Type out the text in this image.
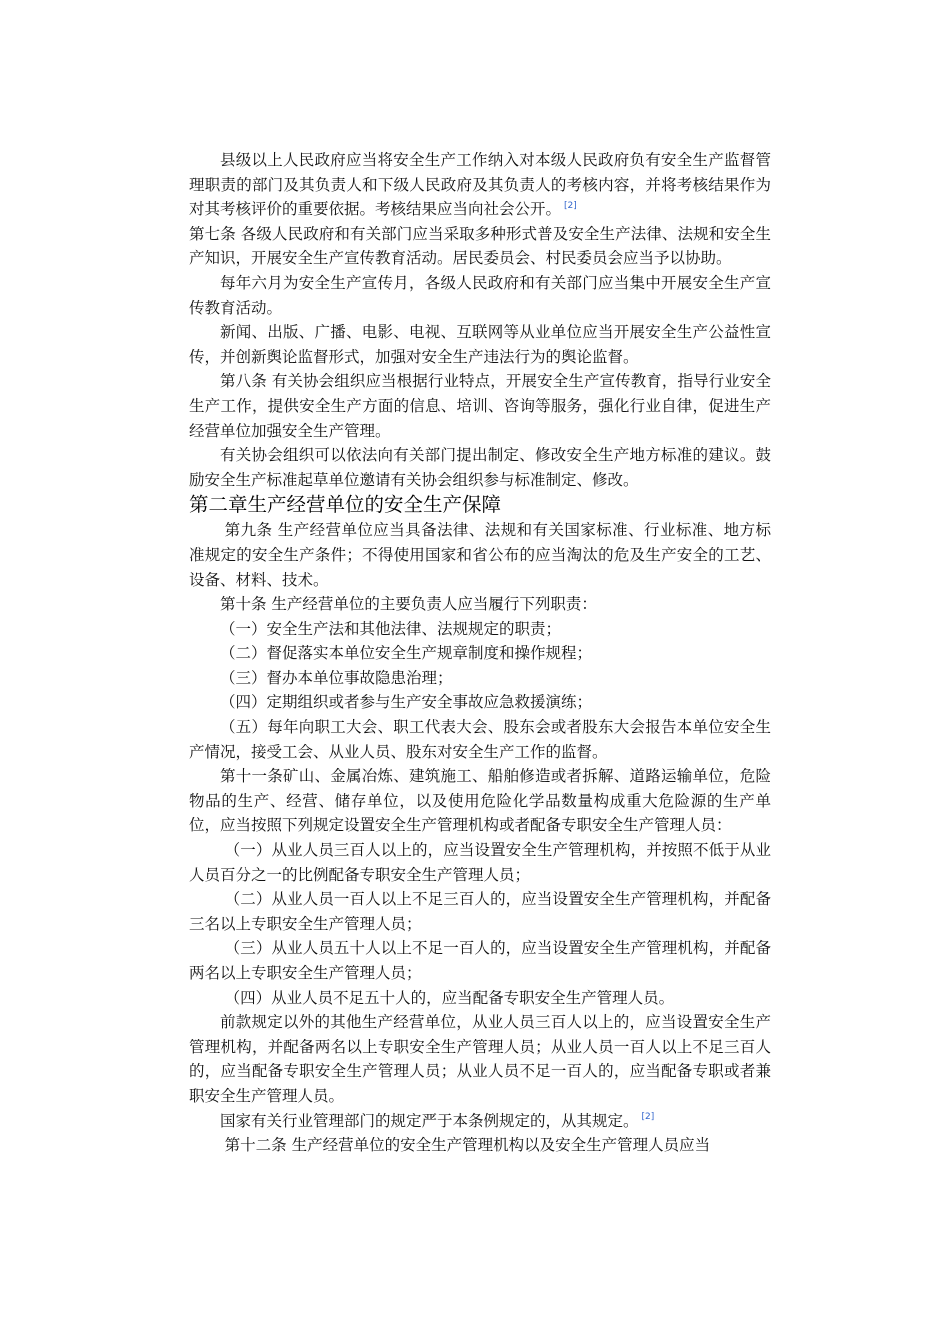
县级以上人民政府应当将安全生产工作纳入对本级人民政府负有安全生产监督管理职责的部门及其负责人和下级人民政府及其负责人的考核内容，并将考核结果作为对其考核评价的重要依据。考核结果应当向社会公开。 [2]

第七条 各级人民政府和有关部门应当采取多种形式普及安全生产法律、法规和安全生产知识，开展安全生产宣传教育活动。居民委员会、村民委员会应当予以协助。

每年六月为安全生产宣传月，各级人民政府和有关部门应当集中开展安全生产宣传教育活动。

新闻、出版、广播、电影、电视、互联网等从业单位应当开展安全生产公益性宣传，并创新舆论监督形式，加强对安全生产违法行为的舆论监督。

第八条 有关协会组织应当根据行业特点，开展安全生产宣传教育，指导行业安全生产工作，提供安全生产方面的信息、培训、咨询等服务，强化行业自律，促进生产经营单位加强安全生产管理。

有关协会组织可以依法向有关部门提出制定、修改安全生产地方标准的建议。鼓励安全生产标准起草单位邀请有关协会组织参与标准制定、修改。

第二章生产经营单位的安全生产保障

第九条 生产经营单位应当具备法律、法规和有关国家标准、行业标准、地方标准规定的安全生产条件；不得使用国家和省公布的应当淘汰的危及生产安全的工艺、设备、材料、技术。

第十条 生产经营单位的主要负责人应当履行下列职责：

（一）安全生产法和其他法律、法规规定的职责；

（二）督促落实本单位安全生产规章制度和操作规程；

（三）督办本单位事故隐患治理；

（四）定期组织或者参与生产安全事故应急救援演练；

（五）每年向职工大会、职工代表大会、股东会或者股东大会报告本单位安全生产情况，接受工会、从业人员、股东对安全生产工作的监督。

第十一条矿山、金属冶炼、建筑施工、船舶修造或者拆解、道路运输单位，危险物品的生产、经营、储存单位，以及使用危险化学品数量构成重大危险源的生产单位，应当按照下列规定设置安全生产管理机构或者配备专职安全生产管理人员：

（一）从业人员三百人以上的，应当设置安全生产管理机构，并按照不低于从业人员百分之一的比例配备专职安全生产管理人员；

（二）从业人员一百人以上不足三百人的，应当设置安全生产管理机构，并配备三名以上专职安全生产管理人员；

（三）从业人员五十人以上不足一百人的，应当设置安全生产管理机构，并配备两名以上专职安全生产管理人员；

（四）从业人员不足五十人的，应当配备专职安全生产管理人员。

前款规定以外的其他生产经营单位，从业人员三百人以上的，应当设置安全生产管理机构，并配备两名以上专职安全生产管理人员；从业人员一百人以上不足三百人的，应当配备专职安全生产管理人员；从业人员不足一百人的，应当配备专职或者兼职安全生产管理人员。

国家有关行业管理部门的规定严于本条例规定的，从其规定。 [2]

第十二条 生产经营单位的安全生产管理机构以及安全生产管理人员应当
